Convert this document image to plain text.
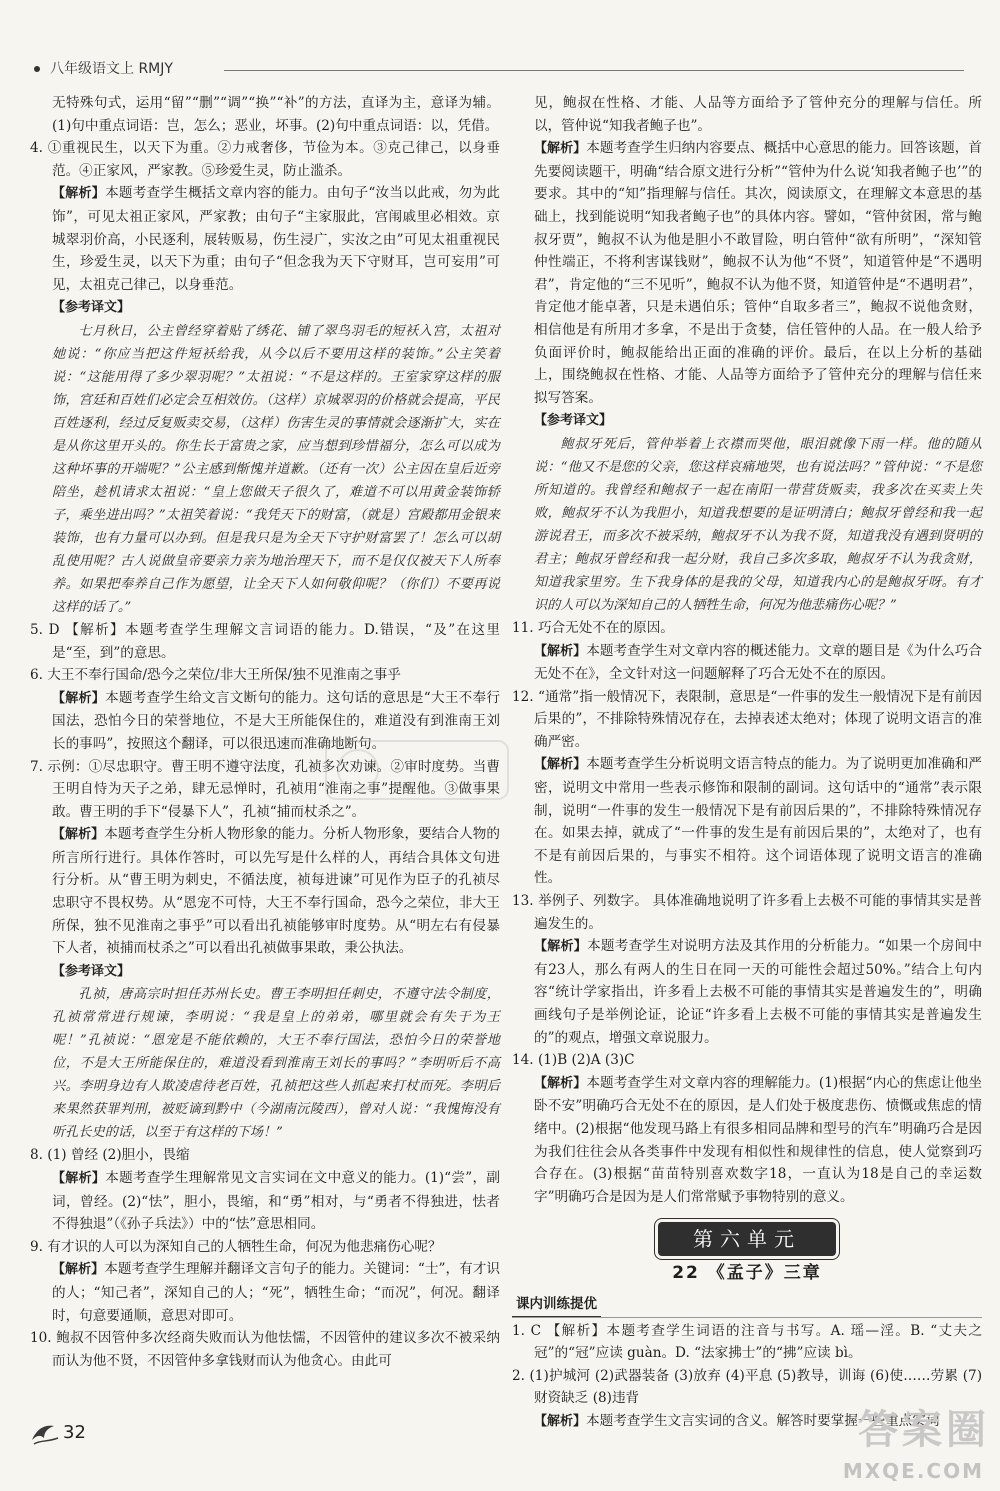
八年级语文上 RMJY

无特殊句式，运用“留”“删”“调”“换”“补”的方法，直译为主，意译为辅。(1)句中重点词语：岂，怎么；恶业，坏事。(2)句中重点词语：以，凭借。

4. ①重视民生，以天下为重。②力戒奢侈，节俭为本。③克己律己，以身垂范。④正家风，严家教。⑤珍爱生灵，防止滥杀。

【解析】本题考查学生概括文章内容的能力。由句子“汝当以此戒，勿为此饰”，可见太祖正家风，严家教；由句子“主家服此，宫闱戚里必相效。京城翠羽价高，小民逐利，展转贩易，伤生浸广，实汝之由”可见太祖重视民生，珍爱生灵，以天下为重；由句子“但念我为天下守财耳，岂可妄用”可见，太祖克己律己，以身垂范。

【参考译文】

七月秋日，公主曾经穿着贴了绣花、铺了翠鸟羽毛的短袄入宫，太祖对她说：“你应当把这件短袄给我，从今以后不要用这样的装饰。”公主笑着说：“这能用得了多少翠羽呢？”太祖说：“不是这样的。王室家穿这样的服饰，宫廷和百姓们必定会互相效仿。（这样）京城翠羽的价格就会提高，平民百姓逐利，经过反复贩卖交易，（这样）伤害生灵的事情就会逐渐扩大，实在是从你这里开头的。你生长于富贵之家，应当想到珍惜福分，怎么可以成为这种坏事的开端呢？”公主感到惭愧并道歉。（还有一次）公主因在皇后近旁陪坐，趁机请求太祖说：“皇上您做天子很久了，难道不可以用黄金装饰轿子，乘坐进出吗？”太祖笑着说：“我凭天下的财富，（就是）宫殿都用金银来装饰，也有力量可以办到。但是我只是为全天下守护财富罢了！怎么可以胡乱使用呢？古人说做皇帝要亲力亲为地治理天下，而不是仅仅被天下人所奉养。如果把奉养自己作为愿望，让全天下人如何敬仰呢？（你们）不要再说这样的话了。”

5. D 【解析】本题考查学生理解文言词语的能力。D.错误，“及”在这里是“至，到”的意思。

6. 大王不奉行国命/恐今之荣位/非大王所保/独不见淮南之事乎

【解析】本题考查学生给文言文断句的能力。这句话的意思是“大王不奉行国法，恐怕今日的荣誉地位，不是大王所能保住的，难道没有到淮南王刘长的事吗”，按照这个翻译，可以很迅速而准确地断句。

7. 示例：①尽忠职守。曹王明不遵守法度，孔祯多次劝谏。②审时度势。当曹王明自恃为天子之弟，肆无忌惮时，孔祯用“淮南之事”提醒他。③做事果敢。曹王明的手下“侵暴下人”，孔祯“捕而杖杀之”。

【解析】本题考查学生分析人物形象的能力。分析人物形象，要结合人物的所言所行进行。具体作答时，可以先写是什么样的人，再结合具体文句进行分析。从“曹王明为刺史，不循法度，祯每进谏”可见作为臣子的孔祯尽忠职守不畏权势。从“恩宠不可恃，大王不奉行国命，恐今之荣位，非大王所保，独不见淮南之事乎”可以看出孔祯能够审时度势。从“明左右有侵暴下人者，祯捕而杖杀之”可以看出孔祯做事果敢，秉公执法。

【参考译文】

孔祯，唐高宗时担任苏州长史。曹王李明担任刺史，不遵守法令制度，孔祯常常进行规谏，李明说：“我是皇上的弟弟，哪里就会有失于为王呢！”孔祯说：“恩宠是不能依赖的，大王不奉行国法，恐怕今日的荣誉地位，不是大王所能保住的，难道没看到淮南王刘长的事吗？”李明听后不高兴。李明身边有人欺凌虐待老百姓，孔祯把这些人抓起来打杖而死。李明后来果然获罪判刑，被贬谪到黔中（今湖南沅陵西），曾对人说：“我愧悔没有听孔长史的话，以至于有这样的下场！”

8. (1) 曾经 (2)胆小，畏缩

【解析】本题考查学生理解常见文言实词在文中意义的能力。(1)“尝”，副词，曾经。(2)“怯”，胆小，畏缩，和“勇”相对，与“勇者不得独进，怯者不得独退”（《孙子兵法》）中的“怯”意思相同。

9. 有才识的人可以为深知自己的人牺牲生命，何况为他悲痛伤心呢？

【解析】本题考查学生理解并翻译文言句子的能力。关键词：“士”，有才识的人；“知己者”，深知自己的人；“死”，牺牲生命；“而况”，何况。翻译时，句意要通顺，意思对即可。

10. 鲍叔不因管仲多次经商失败而认为他怯懦，不因管仲的建议多次不被采纳而认为他不贤，不因管仲多拿钱财而认为他贪心。由此可

见，鲍叔在性格、才能、人品等方面给予了管仲充分的理解与信任。所以，管仲说“知我者鲍子也”。

【解析】本题考查学生归纳内容要点、概括中心意思的能力。回答该题，首先要阅读题干，明确“结合原文进行分析”“管仲为什么说‘知我者鲍子也’”的要求。其中的“知”指理解与信任。其次，阅读原文，在理解文本意思的基础上，找到能说明“知我者鲍子也”的具体内容。譬如，“管仲贫困，常与鲍叔牙贾”，鲍叔不认为他是胆小不敢冒险，明白管仲“欲有所明”，“深知管仲性端正，不将利害谋钱财”，鲍叔不认为他“不贤”，知道管仲是“不遇明君”，肯定他的“三不见听”，鲍叔不认为他不贤，知道管仲是“不遇明君”，肯定他才能卓著，只是未遇伯乐；管仲“自取多者三”，鲍叔不说他贪财，相信他是有所用才多拿，不是出于贪婪，信任管仲的人品。在一般人给予负面评价时，鲍叔能给出正面的准确的评价。最后，在以上分析的基础上，围绕鲍叔在性格、才能、人品等方面给予了管仲充分的理解与信任来拟写答案。

【参考译文】

鲍叔牙死后，管仲举着上衣襟而哭他，眼泪就像下雨一样。他的随从说：“他又不是您的父亲，您这样哀痛地哭，也有说法吗？”管仲说：“不是您所知道的。我曾经和鲍叔子一起在南阳一带营货贩卖，我多次在买卖上失败，鲍叔牙不认为我胆小，知道我想要的是证明清白；鲍叔牙曾经和我一起游说君王，而多次不被采纳，鲍叔牙不认为我不贤，知道我没有遇到贤明的君主；鲍叔牙曾经和我一起分财，我自己多次多取，鲍叔牙不认为我贪财，知道我家里穷。生下我身体的是我的父母，知道我内心的是鲍叔牙呀。有才识的人可以为深知自己的人牺牲生命，何况为他悲痛伤心呢？”

11. 巧合无处不在的原因。

【解析】本题考查学生对文章内容的概述能力。文章的题目是《为什么巧合无处不在》，全文针对这一问题解释了巧合无处不在的原因。

12. “通常”指一般情况下，表限制，意思是“一件事的发生一般情况下是有前因后果的”，不排除特殊情况存在，去掉表述太绝对；体现了说明文语言的准确严密。

【解析】本题考查学生分析说明文语言特点的能力。为了说明更加准确和严密，说明文中常用一些表示修饰和限制的副词。这句话中的“通常”表示限制，说明“一件事的发生一般情况下是有前因后果的”，不排除特殊情况存在。如果去掉，就成了“一件事的发生是有前因后果的”，太绝对了，也有不是有前因后果的，与事实不相符。这个词语体现了说明文语言的准确性。

13. 举例子、列数字。 具体准确地说明了许多看上去极不可能的事情其实是普遍发生的。

【解析】本题考查学生对说明方法及其作用的分析能力。“如果一个房间中有23人，那么有两人的生日在同一天的可能性会超过50%。”结合上句内容“统计学家指出，许多看上去极不可能的事情其实是普遍发生的”，明确画线句子是举例论证，论证“许多看上去极不可能的事情其实是普遍发生的”的观点，增强文章说服力。

14. (1)B (2)A (3)C

【解析】本题考查学生对文章内容的理解能力。(1)根据“内心的焦虑让他坐卧不安”明确巧合无处不在的原因，是人们处于极度悲伤、愤慨或焦虑的情绪中。(2)根据“他发现马路上有很多相同品牌和型号的汽车”明确巧合是因为我们往往会从各类事件中发现有相似性和规律性的信息，使人觉察到巧合存在。(3)根据“苗苗特别喜欢数字18，一直认为18是自己的幸运数字”明确巧合是因为是人们常常赋予事物特别的意义。

第六单元
22 《孟子》三章
课内训练提优

1. C 【解析】本题考查学生词语的注音与书写。A. 瑶—淫。B. “丈夫之冠”的“冠”应读 guàn。D. “法家拂士”的“拂”应读 bì。

2. (1)护城河 (2)武器装备 (3)放弃 (4)平息 (5)教导，训诲 (6)使……劳累 (7)财资缺乏 (8)违背

【解析】本题考查学生文言实词的含义。解答时要掌握一些重点实词

32	答案圈
MXQE.COM
